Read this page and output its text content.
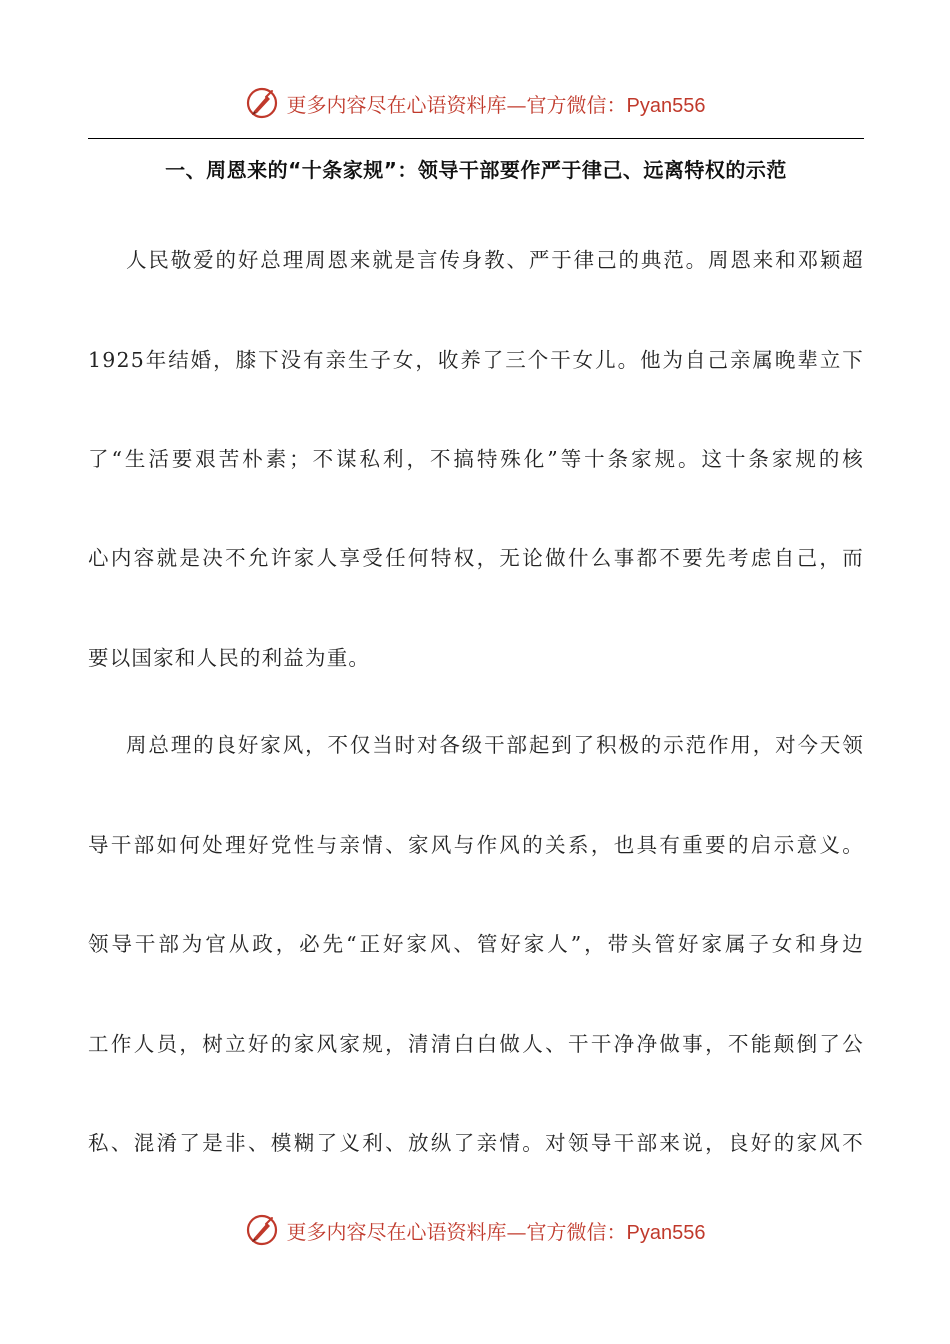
更多内容尽在心语资料库—官方微信：Pyan556
一、周恩来的“十条家规”：领导干部要作严于律己、远离特权的示范
人民敬爱的好总理周恩来就是言传身教、严于律己的典范。周恩来和邓颖超
1925年结婚，膝下没有亲生子女，收养了三个干女儿。他为自己亲属晚辈立下
了“生活要艰苦朴素；不谋私利，不搞特殊化”等十条家规。这十条家规的核
心内容就是决不允许家人享受任何特权，无论做什么事都不要先考虑自己，而
要以国家和人民的利益为重。
周总理的良好家风，不仅当时对各级干部起到了积极的示范作用，对今天领
导干部如何处理好党性与亲情、家风与作风的关系，也具有重要的启示意义。
领导干部为官从政，必先“正好家风、管好家人”，带头管好家属子女和身边
工作人员，树立好的家风家规，清清白白做人、干干净净做事，不能颠倒了公
私、混淆了是非、模糊了义利、放纵了亲情。对领导干部来说，良好的家风不
更多内容尽在心语资料库—官方微信：Pyan556
